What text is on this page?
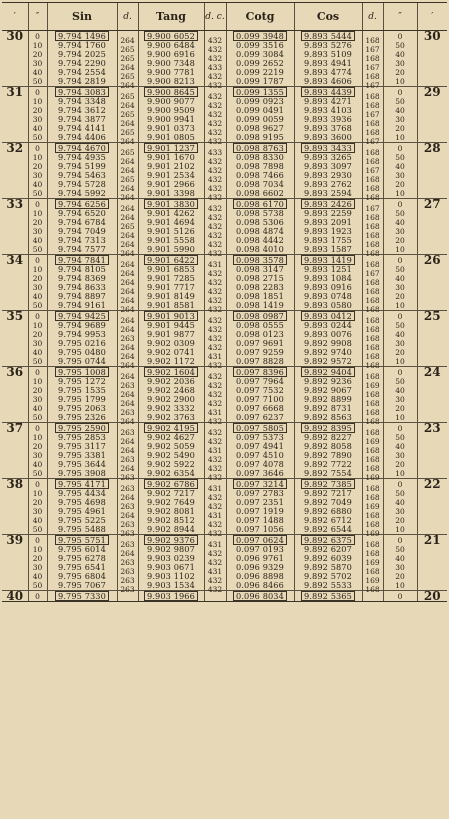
′	″	Sin	d.	Tang	d. c.	Cotg	Cos	d.	″	′
30	0	9.794 1496	264	9.900 6052	432	0.099 3948	9.893 5444	168	0	30
	10	9.794 1760	265	9.900 6484	432	0.099 3516	9.893 5276	167	50	
	20	9.794 2025	265	9.900 6916	432	0.099 3084	9.893 5109	168	40	
	30	9.794 2290	264	9.900 7348	433	0.099 2652	9.893 4941	167	30	
	40	9.794 2554	265	9.900 7781	432	0.099 2219	9.893 4774	168	20	
	50	9.794 2819	264	9.900 8213	432	0.099 1787	9.893 4606	167	10	
31	0	9.794 3083	265	9.900 8645	432	0.099 1355	9.893 4439	168	0	29
	10	9.794 3348	264	9.900 9077	432	0.099 0923	9.893 4271	168	50	
	20	9.794 3612	265	9.900 9509	432	0.099 0491	9.893 4103	167	40	
	30	9.794 3877	264	9.900 9941	432	0.099 0059	9.893 3936	168	30	
	40	9.794 4141	265	9.901 0373	432	0.098 9627	9.893 3768	168	20	
	50	9.794 4406	264	9.901 0805	432	0.098 9195	9.893 3600	167	10	
32	0	9.794 4670	265	9.901 1237	433	0.098 8763	9.893 3433	168	0	28
	10	9.794 4935	264	9.901 1670	432	0.098 8330	9.893 3265	168	50	
	20	9.794 5199	264	9.901 2102	432	0.098 7898	9.893 3097	167	40	
	30	9.794 5463	265	9.901 2534	432	0.098 7466	9.893 2930	168	30	
	40	9.794 5728	264	9.901 2966	432	0.098 7034	9.893 2762	168	20	
	50	9.794 5992	264	9.901 3398	432	0.098 6602	9.893 2594	168	10	
33	0	9.794 6256	264	9.901 3830	432	0.098 6170	9.893 2426	167	0	27
	10	9.794 6520	264	9.901 4262	432	0.098 5738	9.893 2259	168	50	
	20	9.794 6784	265	9.901 4694	432	0.098 5306	9.893 2091	168	40	
	30	9.794 7049	264	9.901 5126	432	0.098 4874	9.893 1923	168	30	
	40	9.794 7313	264	9.901 5558	432	0.098 4442	9.893 1755	168	20	
	50	9.794 7577	264	9.901 5990	432	0.098 4010	9.893 1587	168	10	
34	0	9.794 7841	264	9.901 6422	431	0.098 3578	9.893 1419	168	0	26
	10	9.794 8105	264	9.901 6853	432	0.098 3147	9.893 1251	167	50	
	20	9.794 8369	264	9.901 7285	432	0.098 2715	9.893 1084	168	40	
	30	9.794 8633	264	9.901 7717	432	0.098 2283	9.893 0916	168	30	
	40	9.794 8897	264	9.901 8149	432	0.098 1851	9.893 0748	168	20	
	50	9.794 9161	264	9.901 8581	432	0.098 1419	9.893 0580	168	10	
35	0	9.794 9425	264	9.901 9013	432	0.098 0987	9.893 0412	168	0	25
	10	9.794 9689	264	9.901 9445	432	0.098 0555	9.893 0244	168	50	
	20	9.794 9953	263	9.901 9877	432	0.098 0123	9.893 0076	168	40	
	30	9.795 0216	264	9.902 0309	432	0.097 9691	9.892 9908	168	30	
	40	9.795 0480	264	9.902 0741	431	0.097 9259	9.892 9740	168	20	
	50	9.795 0744	264	9.902 1172	432	0.097 8828	9.892 9572	168	10	
36	0	9.795 1008	264	9.902 1604	432	0.097 8396	9.892 9404	168	0	24
	10	9.795 1272	263	9.902 2036	432	0.097 7964	9.892 9236	169	50	
	20	9.795 1535	264	9.902 2468	432	0.097 7532	9.892 9067	168	40	
	30	9.795 1799	264	9.902 2900	432	0.097 7100	9.892 8899	168	30	
	40	9.795 2063	263	9.902 3332	431	0.097 6668	9.892 8731	168	20	
	50	9.795 2326	264	9.902 3763	432	0.097 6237	9.892 8563	168	10	
37	0	9.795 2590	263	9.902 4195	432	0.097 5805	9.892 8395	168	0	23
	10	9.795 2853	264	9.902 4627	432	0.097 5373	9.892 8227	169	50	
	20	9.795 3117	264	9.902 5059	431	0.097 4941	9.892 8058	168	40	
	30	9.795 3381	263	9.902 5490	432	0.097 4510	9.892 7890	168	30	
	40	9.795 3644	264	9.902 5922	432	0.097 4078	9.892 7722	168	20	
	50	9.795 3908	263	9.902 6354	432	0.097 3646	9.892 7554	169	10	
38	0	9.795 4171	263	9.902 6786	431	0.097 3214	9.892 7385	168	0	22
	10	9.795 4434	264	9.902 7217	432	0.097 2783	9.892 7217	168	50	
	20	9.795 4698	263	9.902 7649	432	0.097 2351	9.892 7049	169	40	
	30	9.795 4961	264	9.902 8081	431	0.097 1919	9.892 6880	168	30	
	40	9.795 5225	263	9.902 8512	432	0.097 1488	9.892 6712	168	20	
	50	9.795 5488	263	9.902 8944	432	0.097 1056	9.892 6544	169	10	
39	0	9.795 5751	263	9.902 9376	431	0.097 0624	9.892 6375	168	0	21
	10	9.795 6014	264	9.902 9807	432	0.097 0193	9.892 6207	168	50	
	20	9.795 6278	263	9.903 0239	432	0.096 9761	9.892 6039	169	40	
	30	9.795 6541	263	9.903 0671	431	0.096 9329	9.892 5870	168	30	
	40	9.795 6804	263	9.903 1102	432	0.096 8898	9.892 5702	169	20	
	50	9.795 7067	263	9.903 1534	432	0.096 8466	9.892 5533	168	10	
40	0	9.795 7330		9.903 1966		0.096 8034	9.892 5365		0	20
